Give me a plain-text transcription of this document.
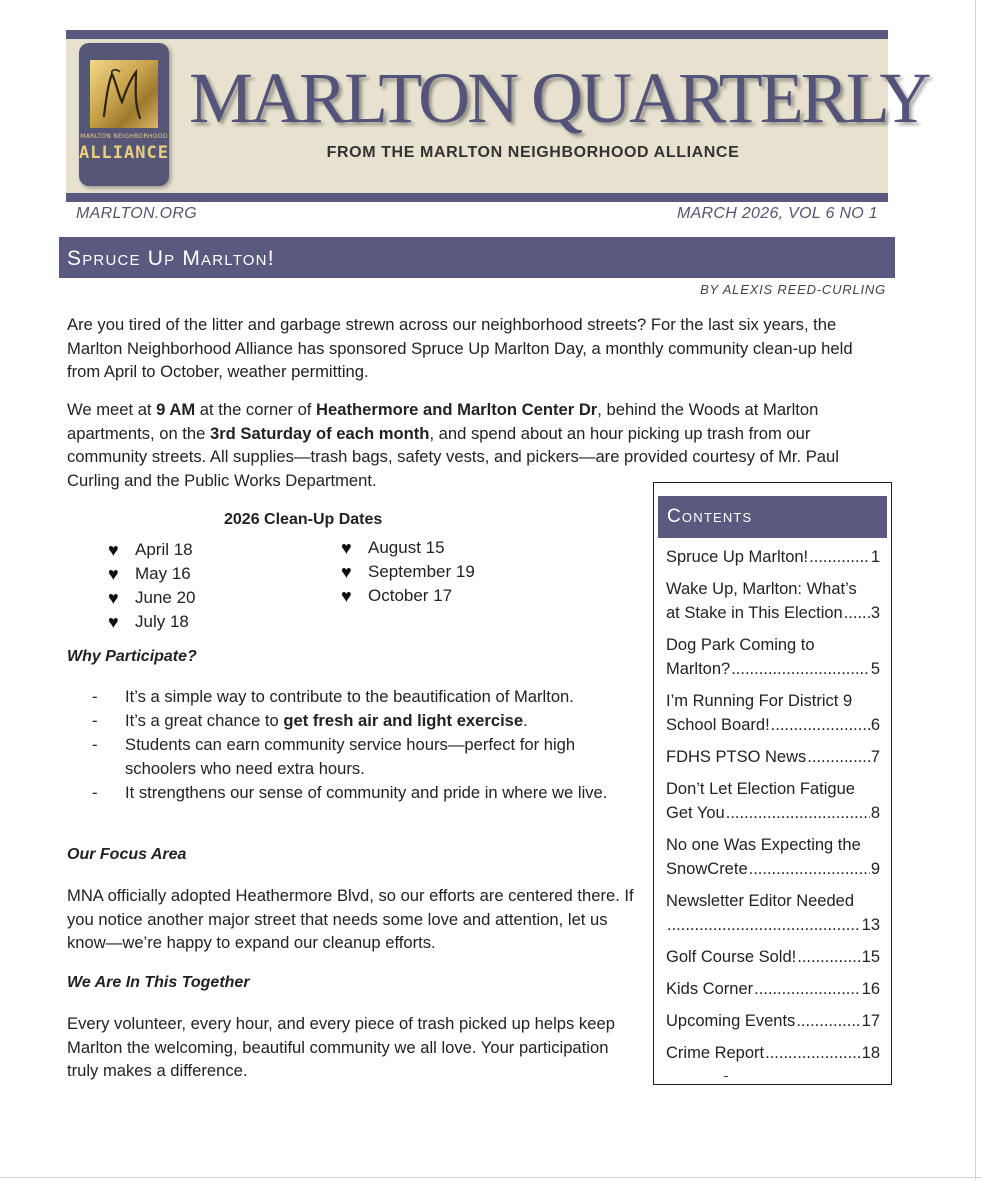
MARLTON NEIGHBORHOOD
ALLIANCE
MARLTON QUARTERLY
FROM THE MARLTON NEIGHBORHOOD ALLIANCE
MARLTON.ORG	MARCH 2026, VOL 6 NO 1
Spruce Up Marlton!
BY ALEXIS REED-CURLING

Are you tired of the litter and garbage strewn across our neighborhood streets? For the last six years, the Marlton Neighborhood Alliance has sponsored Spruce Up Marlton Day, a monthly community clean-up held from April to October, weather permitting.

We meet at 9 AM at the corner of Heathermore and Marlton Center Dr, behind the Woods at Marlton apartments, on the 3rd Saturday of each month, and spend about an hour picking up trash from our community streets. All supplies—trash bags, safety vests, and pickers—are provided courtesy of Mr. Paul Curling and the Public Works Department.

2026 Clean-Up Dates
♥ April 18
♥ May 16
♥ June 20
♥ July 18
♥ August 15
♥ September 19
♥ October 17
Why Participate?
- It’s a simple way to contribute to the beautification of Marlton.
- It’s a great chance to get fresh air and light exercise.
- Students can earn community service hours—perfect for high schoolers who need extra hours.
- It strengthens our sense of community and pride in where we live.
Our Focus Area

MNA officially adopted Heathermore Blvd, so our efforts are centered there. If you notice another major street that needs some love and attention, let us know—we’re happy to expand our cleanup efforts.

We Are In This Together

Every volunteer, every hour, and every piece of trash picked up helps keep Marlton the welcoming, beautiful community we all love. Your participation truly makes a difference.

Contents
Spruce Up Marlton! .....	1
Wake Up, Marlton: What’s
at Stake in This Election ..... 3
Dog Park Coming to
Marlton? .....	5
I’m Running For District 9
School Board! .....	6
FDHS PTSO News .....	7
Don’t Let Election Fatigue
Get You .....	8
No one Was Expecting the
SnowCrete .....	9
Newsletter Editor Needed
.....
13
Golf Course Sold! .....	15
Kids Corner .....	16
Upcoming Events .....	17
Crime Report .....	18
